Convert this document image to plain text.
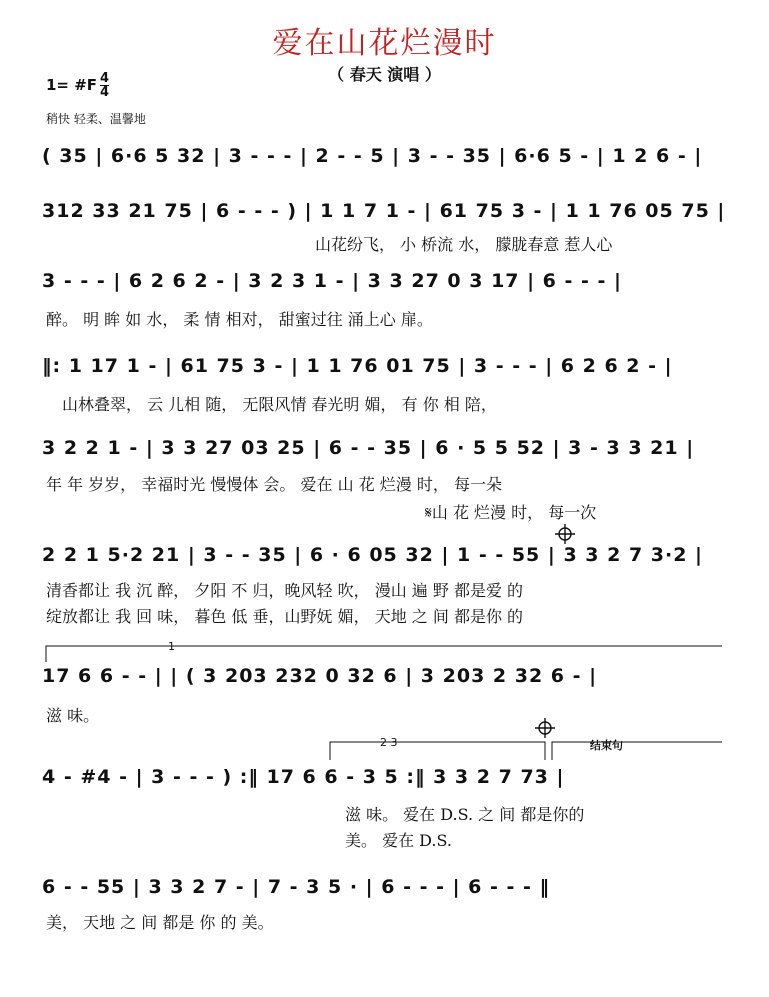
爱在山花烂漫时
（ 春天 演唱 ）
1= #F 4
4
稍快 轻柔、温馨地
( 35 | 6·6 5 32 | 3 - - - | 2 - - 5 | 3 - - 35 | 6·6 5 - | 1 2 6 - |
312 33 21 75 | 6 - - - ) | 1 1 7 1 - | 61 75 3 - | 1 1 76 05 75 |
3 - - - | 6 2 6 2 - | 3 2 3 1 - | 3 3 27 0 3 17 | 6 - - - |
‖: 1 17 1 - | 61 75 3 - | 1 1 76 01 75 | 3 - - - | 6 2 6 2 - |
3 2 2 1 - | 3 3 27 03 25 | 6 - - 35 | 6 · 5 5 52 | 3 - 3 3 21 |
2 2 1 5·2 21 | 3 - - 35 | 6 · 6 05 32 | 1 - - 55 | 3 3 2 7 3·2 |
17 6 6 - - | | ( 3 203 232 0 32 6 | 3 203 2 32 6 - |
4 - #4 - | 3 - - - ) :‖ 17 6 6 - 3 5 :‖ 3 3 2 7 73 |
6 - - 55 | 3 3 2 7 - | 7 - 3 5 · | 6 - - - | 6 - - - ‖
山花纷飞， 小 桥流 水， 朦胧春意 惹人心
醉。 明 眸 如 水， 柔 情 相对， 甜蜜过往 涌上心 扉。
山林叠翠， 云 儿相 随， 无限风情 春光明 媚， 有 你 相 陪，
年 年 岁岁， 幸福时光 慢慢体 会。 爱在 山 花 烂漫 时， 每一朵
𝄋山 花 烂漫 时， 每一次
清香都让 我 沉 醉， 夕阳 不 归，晚风轻 吹， 漫山 遍 野 都是爱 的
绽放都让 我 回 味， 暮色 低 垂，山野妩 媚， 天地 之 间 都是你 的
滋 味。
滋 味。 爱在 D.S. 之 间 都是你的
美。 爱在 D.S.
美， 天地 之 间 都是 你 的 美。
1
2 3	结束句
